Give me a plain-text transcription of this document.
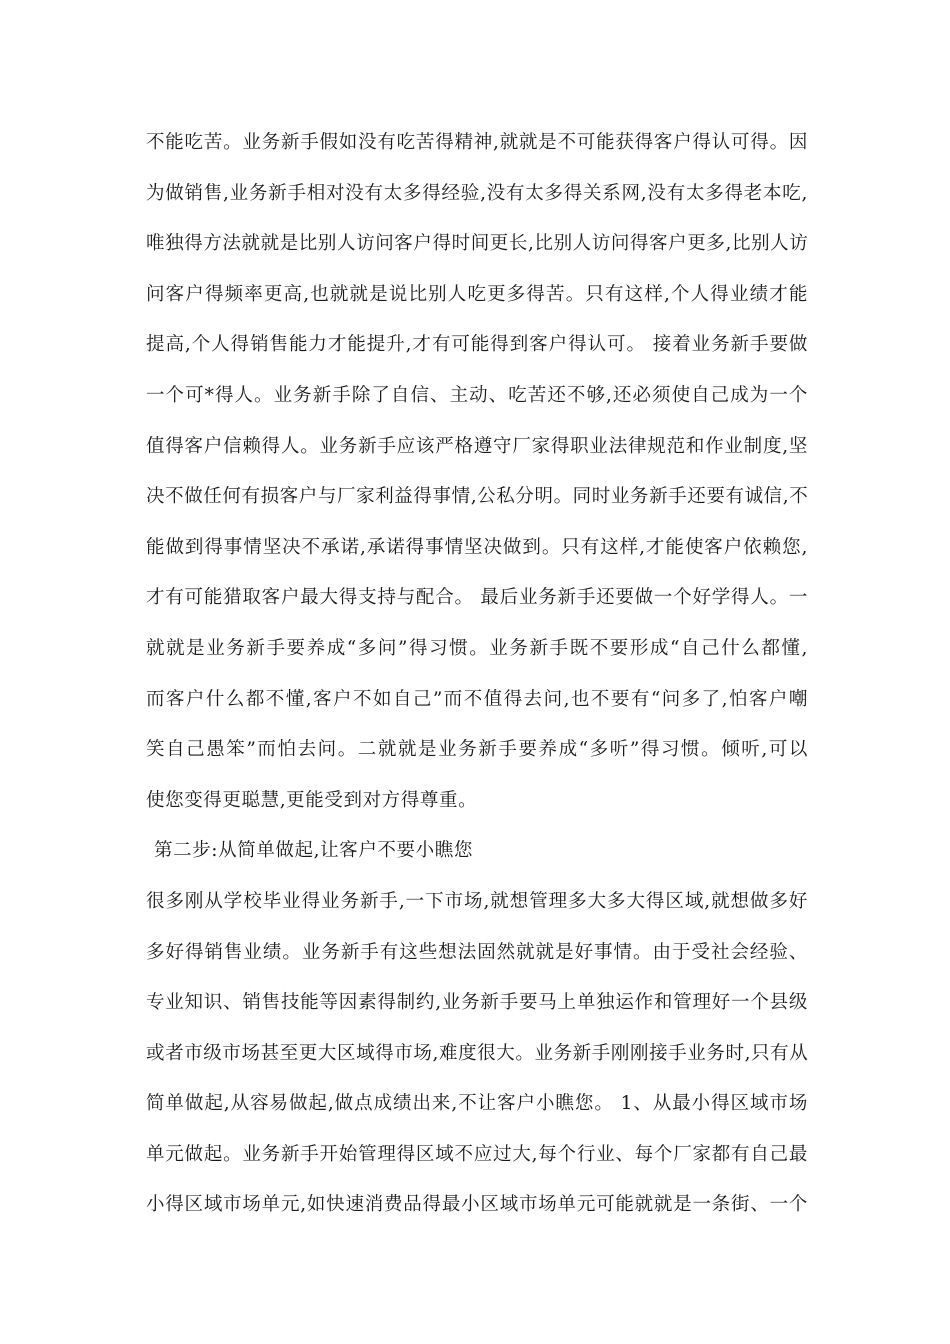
不能吃苦。业务新手假如没有吃苦得精神,就就是不可能获得客户得认可得。因
为做销售,业务新手相对没有太多得经验,没有太多得关系网,没有太多得老本吃,
唯独得方法就就是比别人访问客户得时间更长,比别人访问得客户更多,比别人访
问客户得频率更高,也就就是说比别人吃更多得苦。只有这样,个人得业绩才能
提高,个人得销售能力才能提升,才有可能得到客户得认可。 接着业务新手要做
一个可*得人。业务新手除了自信、主动、吃苦还不够,还必须使自己成为一个
值得客户信赖得人。业务新手应该严格遵守厂家得职业法律规范和作业制度,坚
决不做任何有损客户与厂家利益得事情,公私分明。同时业务新手还要有诚信,不
能做到得事情坚决不承诺,承诺得事情坚决做到。只有这样,才能使客户依赖您,
才有可能猎取客户最大得支持与配合。 最后业务新手还要做一个好学得人。一
就就是业务新手要养成“多问”得习惯。业务新手既不要形成“自己什么都懂,
而客户什么都不懂,客户不如自己”而不值得去问,也不要有“问多了,怕客户嘲
笑自己愚笨”而怕去问。二就就是业务新手要养成“多听”得习惯。倾听,可以
使您变得更聪慧,更能受到对方得尊重。
第二步:从简单做起,让客户不要小瞧您
很多刚从学校毕业得业务新手,一下市场,就想管理多大多大得区域,就想做多好
多好得销售业绩。业务新手有这些想法固然就就是好事情。由于受社会经验、
专业知识、销售技能等因素得制约,业务新手要马上单独运作和管理好一个县级
或者市级市场甚至更大区域得市场,难度很大。业务新手刚刚接手业务时,只有从
简单做起,从容易做起,做点成绩出来,不让客户小瞧您。 1、从最小得区域市场
单元做起。业务新手开始管理得区域不应过大,每个行业、每个厂家都有自己最
小得区域市场单元,如快速消费品得最小区域市场单元可能就就是一条街、一个
